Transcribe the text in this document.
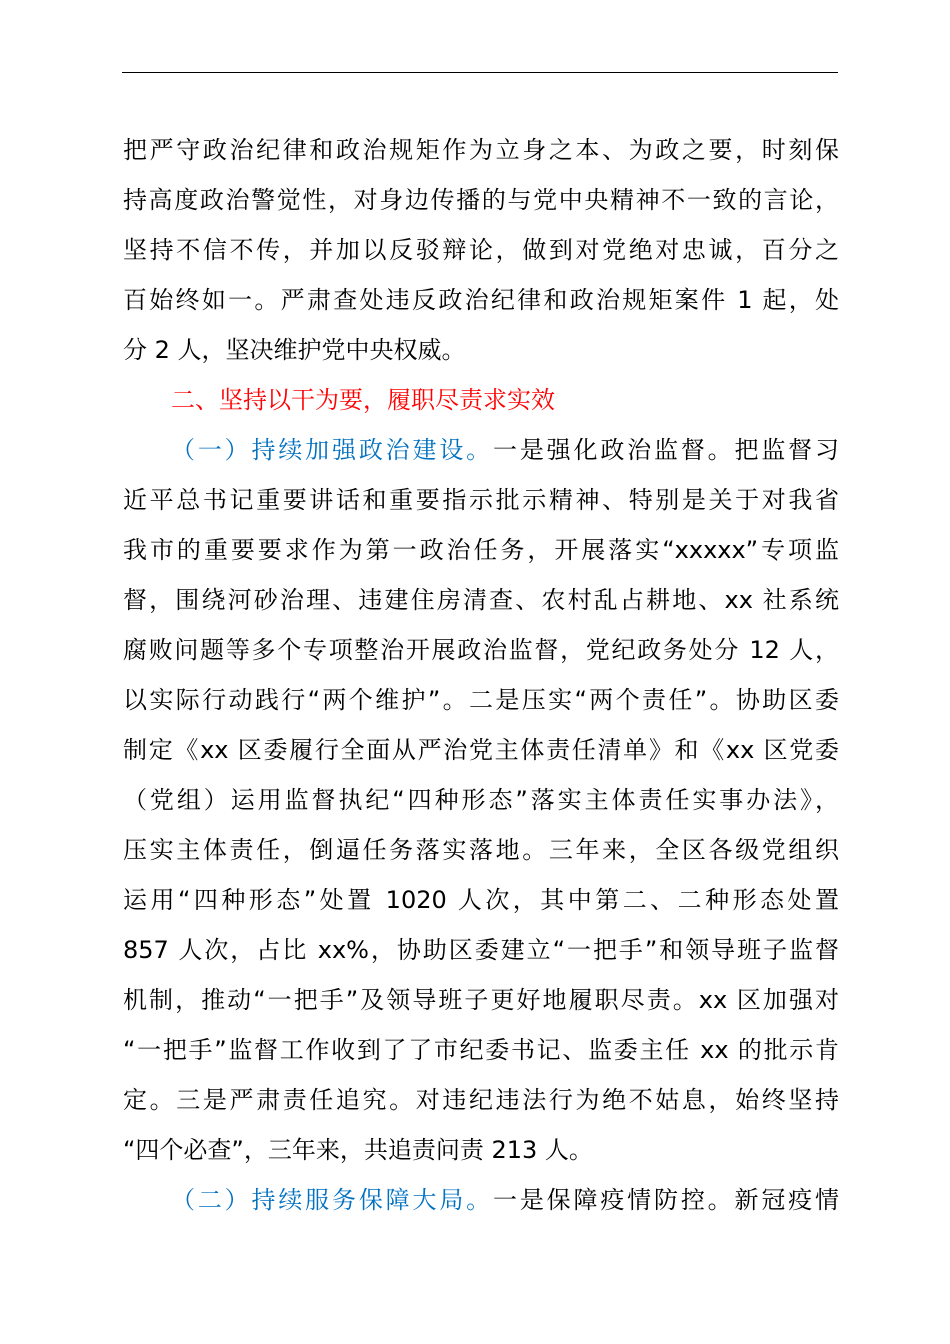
把严守政治纪律和政治规矩作为立身之本、为政之要，时刻保
持高度政治警觉性，对身边传播的与党中央精神不一致的言论，
坚持不信不传，并加以反驳辩论，做到对党绝对忠诚，百分之
百始终如一。严肃查处违反政治纪律和政治规矩案件 1 起，处
分 2 人，坚决维护党中央权威。
二、坚持以干为要，履职尽责求实效
（一）持续加强政治建设。一是强化政治监督。把监督习
近平总书记重要讲话和重要指示批示精神、特别是关于对我省
我市的重要要求作为第一政治任务，开展落实“xxxxx”专项监
督，围绕河砂治理、违建住房清查、农村乱占耕地、xx 社系统
腐败问题等多个专项整治开展政治监督，党纪政务处分 12 人，
以实际行动践行“两个维护”。二是压实“两个责任”。协助区委
制定《xx 区委履行全面从严治党主体责任清单》和《xx 区党委
（党组）运用监督执纪“四种形态”落实主体责任实事办法》，
压实主体责任，倒逼任务落实落地。三年来，全区各级党组织
运用“四种形态”处置 1020 人次，其中第二、二种形态处置
857 人次，占比 xx%，协助区委建立“一把手”和领导班子监督
机制，推动“一把手”及领导班子更好地履职尽责。xx 区加强对
“一把手”监督工作收到了了市纪委书记、监委主任 xx 的批示肯
定。三是严肃责任追究。对违纪违法行为绝不姑息，始终坚持
“四个必查”，三年来，共追责问责 213 人。
（二）持续服务保障大局。一是保障疫情防控。新冠疫情
